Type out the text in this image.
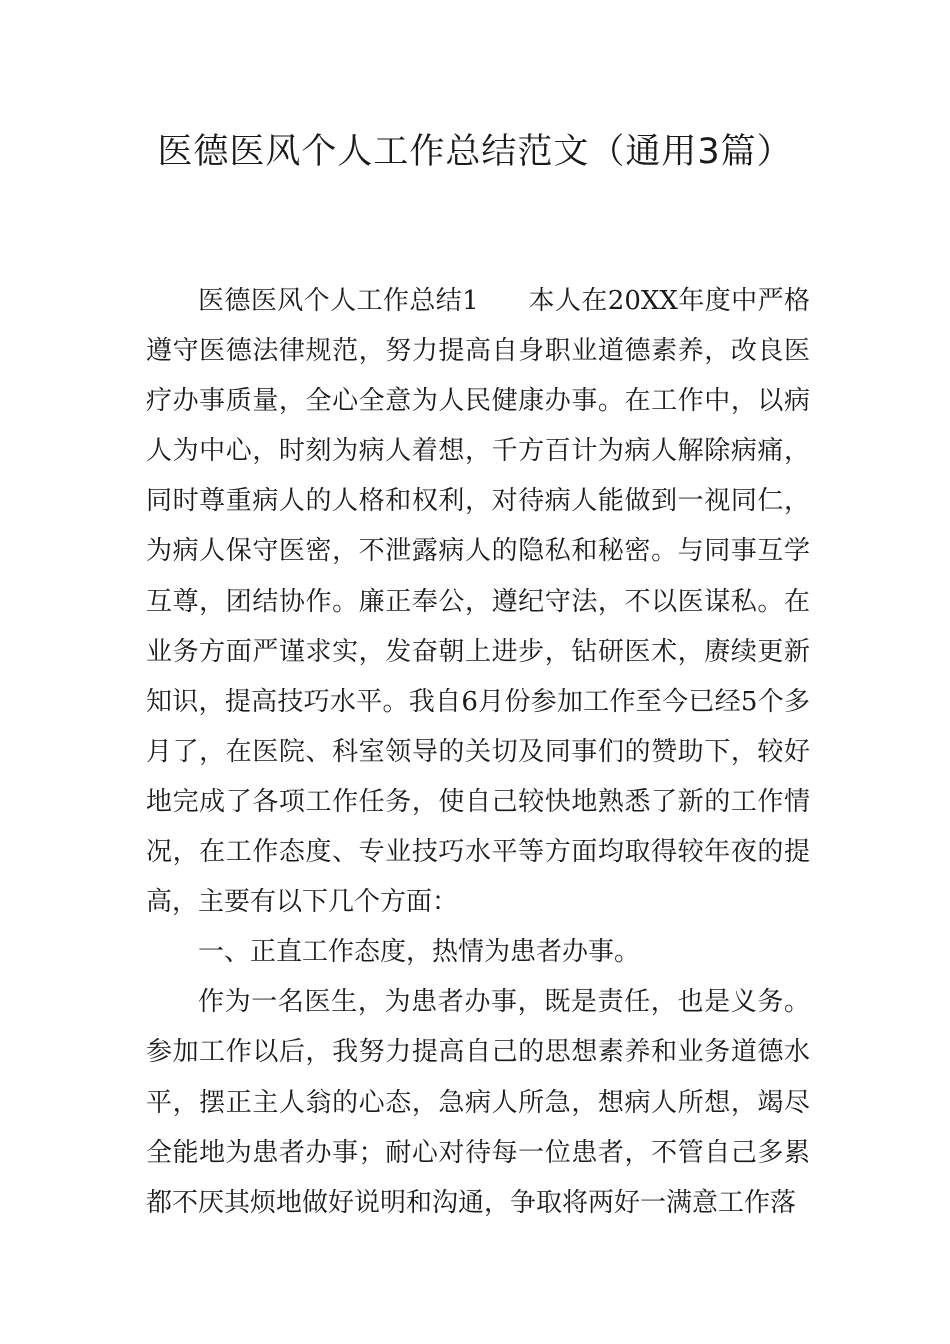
医德医风个人工作总结范文（通用3篇）

医德医风个人工作总结1 本人在20XX年度中严格遵守医德法律规范，努力提高自身职业道德素养，改良医疗办事质量，全心全意为人民健康办事。在工作中，以病人为中心，时刻为病人着想，千方百计为病人解除病痛，同时尊重病人的人格和权利，对待病人能做到一视同仁，为病人保守医密，不泄露病人的隐私和秘密。与同事互学互尊，团结协作。廉正奉公，遵纪守法，不以医谋私。在业务方面严谨求实，发奋朝上进步，钻研医术，赓续更新知识，提高技巧水平。我自6月份参加工作至今已经5个多月了，在医院、科室领导的关切及同事们的赞助下，较好地完成了各项工作任务，使自己较快地熟悉了新的工作情况，在工作态度、专业技巧水平等方面均取得较年夜的提高，主要有以下几个方面：

一、正直工作态度，热情为患者办事。

作为一名医生，为患者办事，既是责任，也是义务。参加工作以后，我努力提高自己的思想素养和业务道德水平，摆正主人翁的心态，急病人所急，想病人所想，竭尽全能地为患者办事；耐心对待每一位患者，不管自己多累都不厌其烦地做好说明和沟通，争取将两好一满意工作落
